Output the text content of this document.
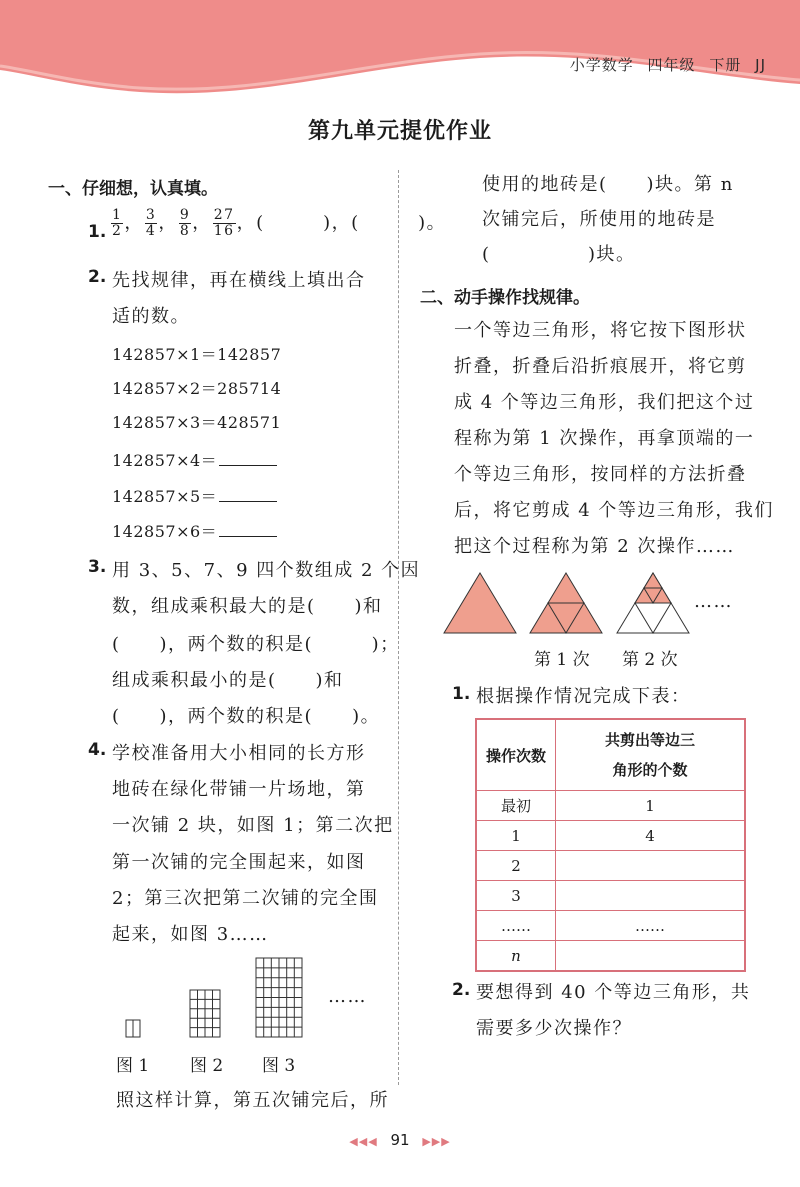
小学数学 四年级 下册 JJ
第九单元提优作业
一、仔细想，认真填。
1. $\frac{1}{2}$ ， $\frac{3}{4}$ ， $\frac{9}{8}$ ， $\frac{27}{16}$ ，(　　　)，(　　　)。
2. 先找规律，再在横线上填出合
适的数。
142857×1＝142857
142857×2＝285714
142857×3＝428571
142857×4＝
142857×5＝
142857×6＝
3. 用 3、5、7、9 四个数组成 2 个因
数，组成乘积最大的是(　　)和
(　　)，两个数的积是(　　　)；
组成乘积最小的是(　　)和
(　　)，两个数的积是(　　)。
4. 学校准备用大小相同的长方形
地砖在绿化带铺一片场地，第
一次铺 2 块，如图 1；第二次把
第一次铺的完全围起来，如图
2；第三次把第二次铺的完全围
起来，如图 3……
……
图 1 图 2 图 3
照这样计算，第五次铺完后，所
使用的地砖是(　　)块。第 n
次铺完后，所使用的地砖是
(　　　　　)块。
二、动手操作找规律。
一个等边三角形，将它按下图形状
折叠，折叠后沿折痕展开，将它剪
成 4 个等边三角形，我们把这个过
程称为第 1 次操作，再拿顶端的一
个等边三角形，按同样的方法折叠
后，将它剪成 4 个等边三角形，我们
把这个过程称为第 2 次操作……
……
第 1 次 第 2 次
1. 根据操作情况完成下表：
操作次数	共剪出等边三
角形的个数

最初	1
1	4
2	
3	
……	……
n	
2. 要想得到 40 个等边三角形，共
需要多少次操作？
◀◀◀ 91 ▶▶▶
